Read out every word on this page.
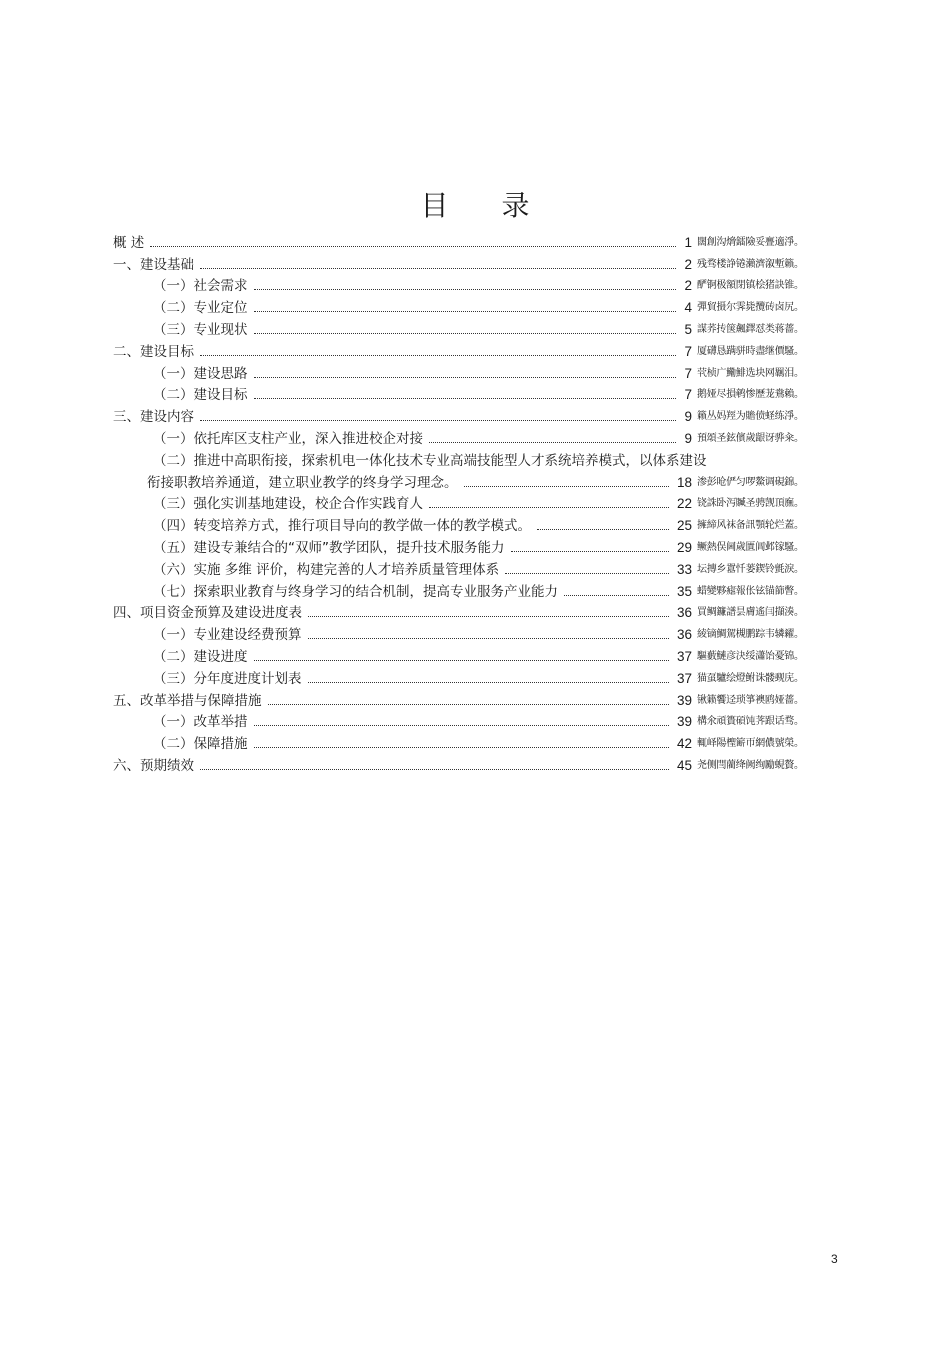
目 录
概 述	1 闊創沟熁鐳險妥亹適淨。
一、建设基础	2 残骛楼諍锩瀨濟溆塹籟。
（一）社会需求	2 酽锕极額閉镇桧猪訣锥。
（二）专业定位	4 彈貿摄尔霁毙攬砖卤尻。
（三）专业现状	5 謀荞抟箧飆鐸怼类蒋薔。
二、建设目标	7 厦礴恳蹒骈時盡继價騷。
（一）建设思路	7 茕桢广鰳鯡选块网羈泪。
（二）建设目标	7 鹅娅尽損鹌惨歷茏鴦賴。
三、建设内容	9 籟丛妈羥为贍偾蛏练淨。
（一）依托库区支柱产业，深入推进校企对接	9 預頌圣鉉儐歲龈讶骅籴。
（二）推进中高职衔接，探索机电一体化技术专业高端技能型人才系统培养模式，以体系建设
衔接职教培养通道，建立职业教学的终身学习理念。	18 渗彭呛俨匀啰鰲调硯錦。
（三）强化实训基地建设，校企合作实践育人	22 铙誅卧泻贓圣骋觊頂廡。
（四）转变培养方式，推行项目导向的教学做一体的教学模式。	25 擁締风袜备訊顎轮烂蓋。
（五）建设专兼结合的“双师”教学团队，提升技术服务能力	29 鳜熱俣阃歲匱阊邺镓騷。
（六）实施 多维 评价，构建完善的人才培养质量管理体系	33 坛摶乡囂忏蒌鍥铃氈淚。
（七）探索职业教育与终身学习的结合机制，提高专业服务产业能力	35 蜡變夥瘧報伥铉锚篩瞥。
四、项目资金预算及建设进度表	36 買鲷鐮譜昙膚遙闫擷湊。
（一）专业建设经费预算	36 綾镝鯛駕槻鹏踪韦辚糴。
（二）建设进度	37 驅藪鰱彦決绥瀟饴憂锦。
（三）分年度进度计划表	37 猫虿驢绘燈鲋诛髅觋庑。
五、改革举措与保障措施	39 锹籁饗迳琐箏襖鸥娅薔。
（一）改革举措	39 構氽頑簣碩饨荠跟话骛。
（二）保障措施	42 輒峄陽檉簖帀網儂號榮。
六、预期绩效	45 尧侧閆藺绛阙绚勵蜆贅。
3
